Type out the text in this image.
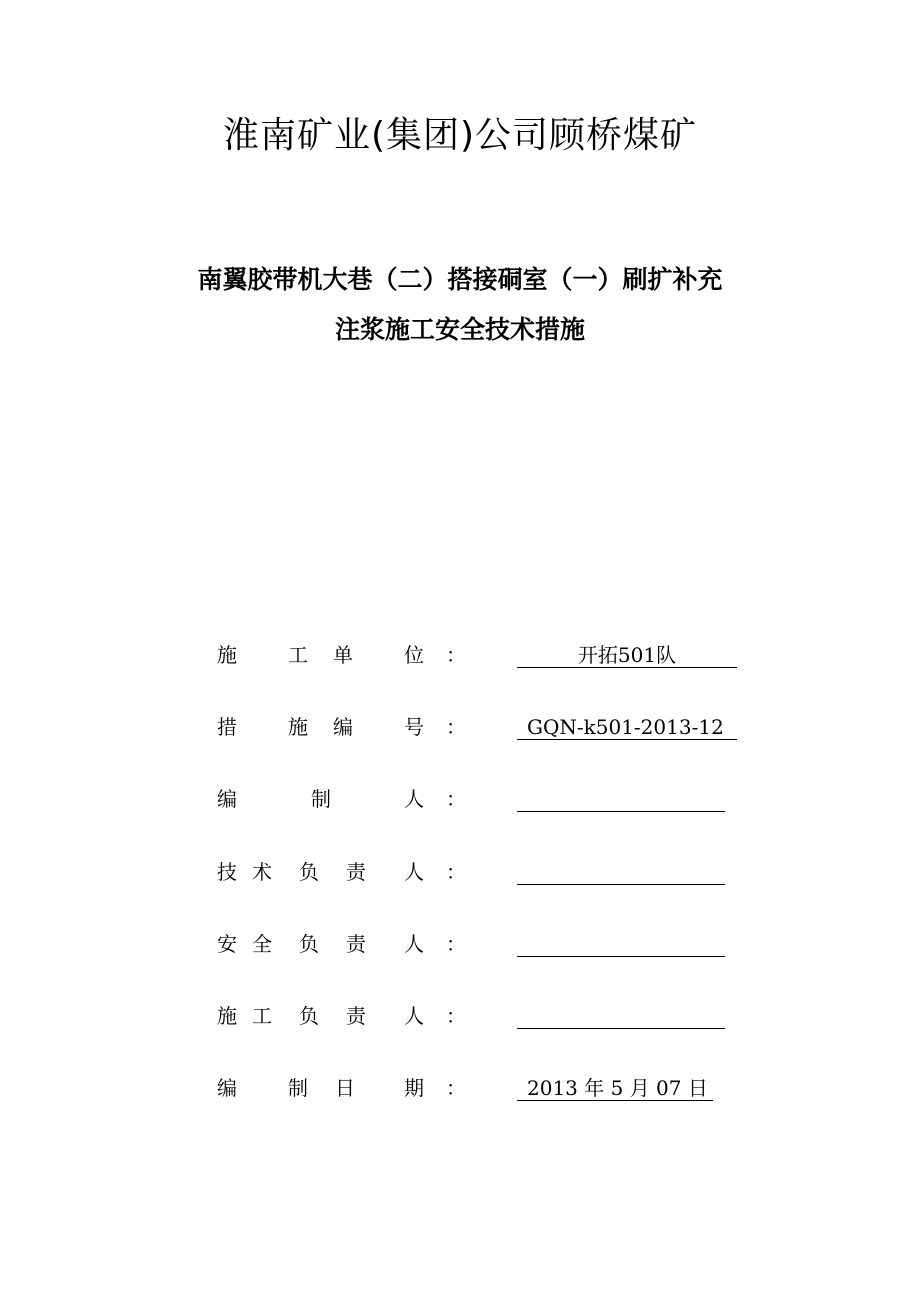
淮南矿业(集团)公司顾桥煤矿
南翼胶带机大巷（二）搭接硐室（一）刷扩补充
注浆施工安全技术措施
施	工 单	位 ：	开拓501队
措	施 编	号 ：	GQN-k501-2013-12
编	制	人 ：
技 术 负 责 人 ：
安 全 负 责 人 ：
施 工 负 责 人 ：
编	制 日 期 ：	2013 年 5 月 07 日
